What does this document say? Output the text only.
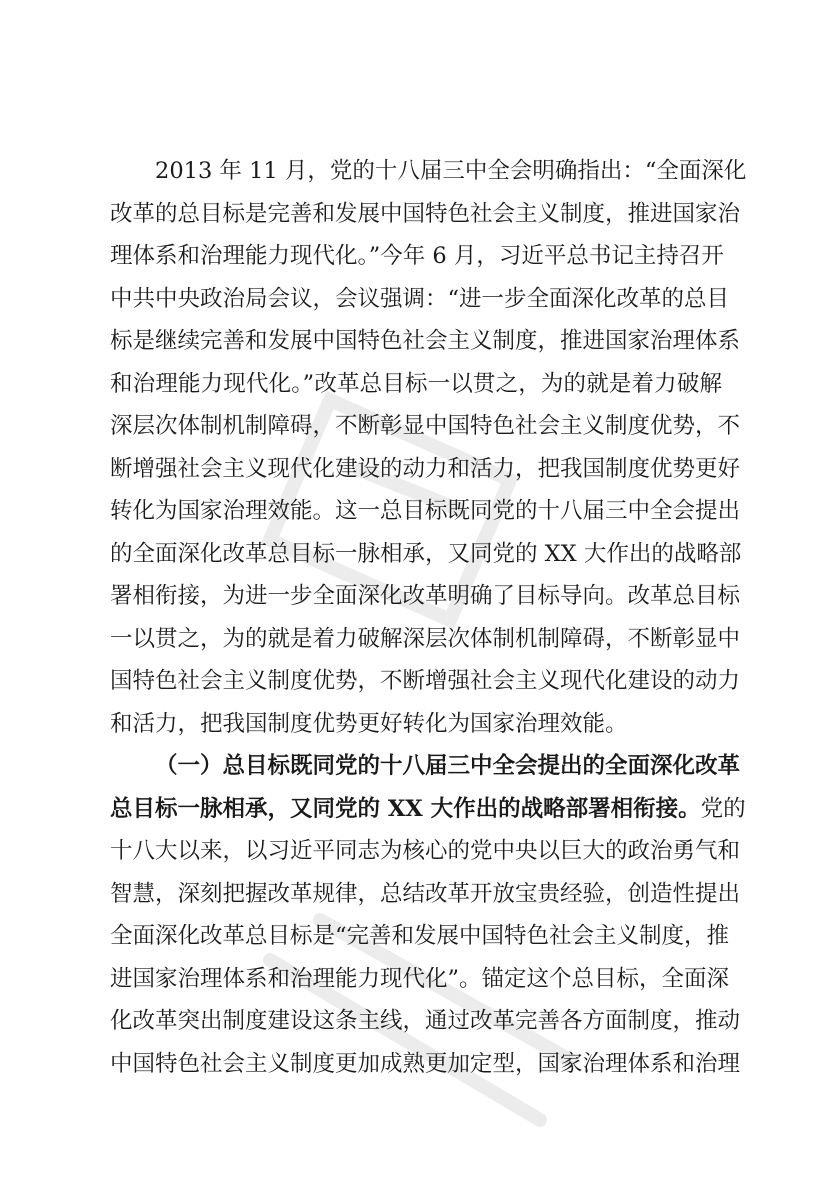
2013 年 11 月，党的十八届三中全会明确指出：“全面深化
改革的总目标是完善和发展中国特色社会主义制度，推进国家治
理体系和治理能力现代化。”今年 6 月，习近平总书记主持召开
中共中央政治局会议，会议强调：“进一步全面深化改革的总目
标是继续完善和发展中国特色社会主义制度，推进国家治理体系
和治理能力现代化。”改革总目标一以贯之，为的就是着力破解
深层次体制机制障碍，不断彰显中国特色社会主义制度优势，不
断增强社会主义现代化建设的动力和活力，把我国制度优势更好
转化为国家治理效能。这一总目标既同党的十八届三中全会提出
的全面深化改革总目标一脉相承，又同党的 XX 大作出的战略部
署相衔接，为进一步全面深化改革明确了目标导向。改革总目标
一以贯之，为的就是着力破解深层次体制机制障碍，不断彰显中
国特色社会主义制度优势，不断增强社会主义现代化建设的动力
和活力，把我国制度优势更好转化为国家治理效能。
（一）总目标既同党的十八届三中全会提出的全面深化改革
总目标一脉相承，又同党的 XX 大作出的战略部署相衔接。党的
十八大以来，以习近平同志为核心的党中央以巨大的政治勇气和
智慧，深刻把握改革规律，总结改革开放宝贵经验，创造性提出
全面深化改革总目标是“完善和发展中国特色社会主义制度，推
进国家治理体系和治理能力现代化”。锚定这个总目标，全面深
化改革突出制度建设这条主线，通过改革完善各方面制度，推动
中国特色社会主义制度更加成熟更加定型，国家治理体系和治理
